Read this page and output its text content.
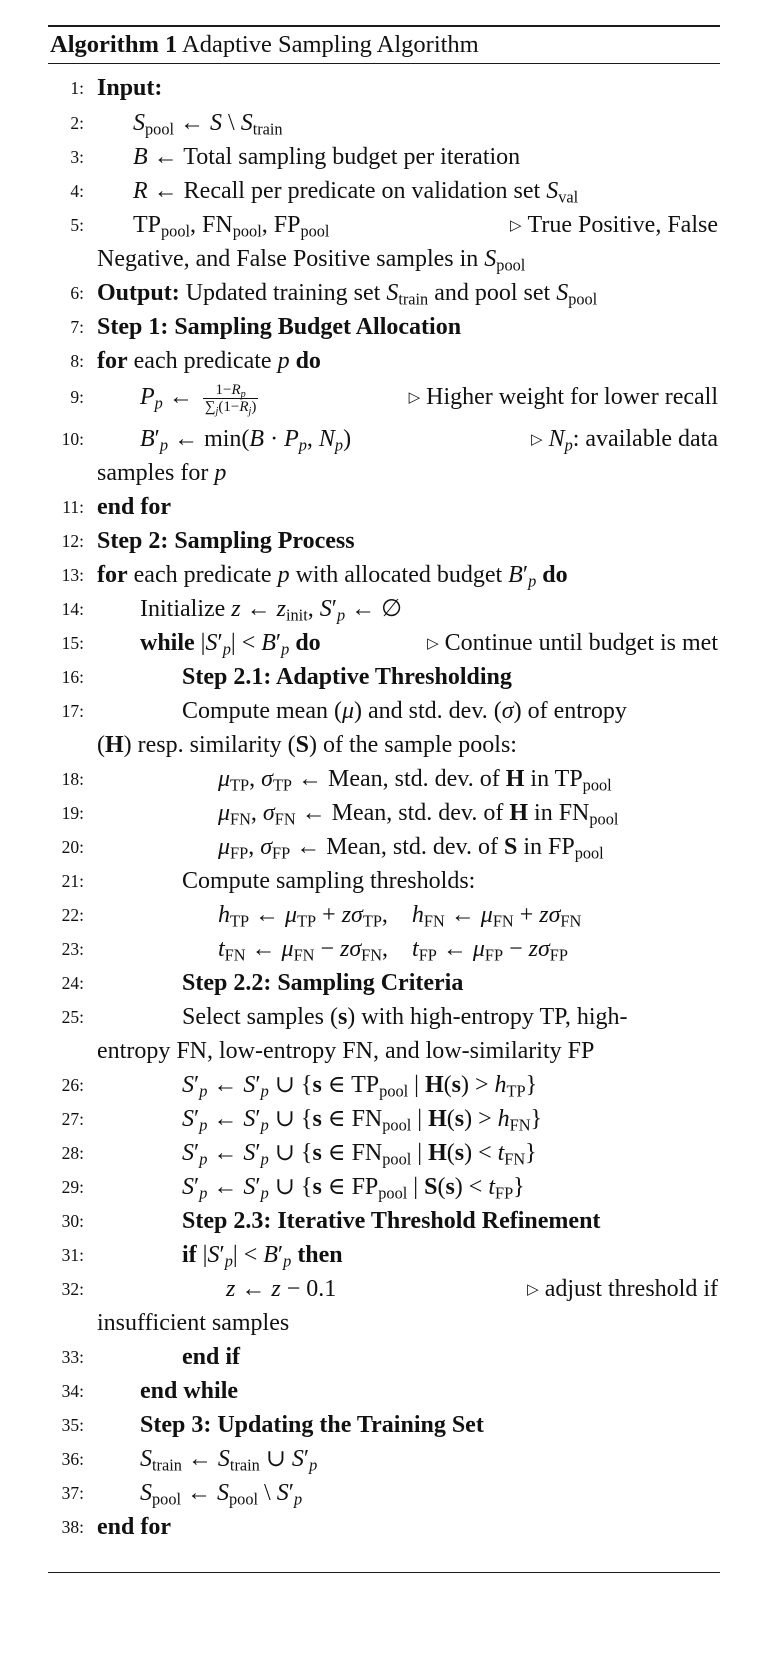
Algorithm 1 Adaptive Sampling Algorithm
1: Input:
2: $S_{pool}$ ← S \ $S_{train}$
3: B ← Total sampling budget per iteration
4: R ← Recall per predicate on validation set $S_{val}$
5: $TP_{pool}$, $FN_{pool}$, $FP_{pool}$	▷ True Positive, False
Negative, and False Positive samples in $S_{pool}$
6: Output: Updated training set $S_{train}$ and pool set $S_{pool}$
7: Step 1: Sampling Budget Allocation
8: for each predicate p do
9: $P_p$ ← $\frac{1-R_p}{\sum_j(1-R_j)}$	▷ Higher weight for lower recall
10: $B'_p$ ← $\min(B \cdot P_p$, $N_p$)	▷ $N_p$: available data
samples for p
11: end for
12: Step 2: Sampling Process
13: for each predicate p with allocated budget $B'_p$ do
14: Initialize z ← $z_{init}$, $S'_p$ ← ∅
15: while $|S'_p| < B'_p$ do	▷ Continue until budget is met
16:	Step 2.1: Adaptive Thresholding
17:	Compute mean (μ) and std. dev. (σ) of entropy
(H) resp. similarity (S) of the sample pools:
18:	$\mu_{TP}$, $\sigma_{TP}$ ← Mean, std. dev. of H in $TP_{pool}$
19:	$\mu_{FN}$, $\sigma_{FN}$ ← Mean, std. dev. of H in $FN_{pool}$
20:	$\mu_{FP}$, $\sigma_{FP}$ ← Mean, std. dev. of S in $FP_{pool}$
21:	Compute sampling thresholds:
22:	$h_{TP}$ ← $\mu_{TP} + z\sigma_{TP}$,    $h_{FN}$ ← $\mu_{FN} + z\sigma_{FN}$
23:	$t_{FN}$ ← $\mu_{FN} - z\sigma_{FN}$,    $t_{FP}$ ← $\mu_{FP} - z\sigma_{FP}$
24:	Step 2.2: Sampling Criteria
25:	Select samples (s) with high-entropy TP, high-
entropy FN, low-entropy FN, and low-similarity FP
26:	$S'_p$ ← $S'_p$ ∪ {s ∈ $TP_{pool}$ | $H(s) > h_{TP}$}
27:	$S'_p$ ← $S'_p$ ∪ {s ∈ $FN_{pool}$ | $H(s) > h_{FN}$}
28:	$S'_p$ ← $S'_p$ ∪ {s ∈ $FN_{pool}$ | $H(s) < t_{FN}$}
29:	$S'_p$ ← $S'_p$ ∪ {s ∈ $FP_{pool}$ | $S(s) < t_{FP}$}
30:	Step 2.3: Iterative Threshold Refinement
31:	if $|S'_p| < B'_p$ then
32:	z ← z − 0.1	▷ adjust threshold if
insufficient samples
33:	end if
34: end while
35: Step 3: Updating the Training Set
36: $S_{train}$ ← $S_{train}$ ∪ $S'_p$
37: $S_{pool}$ ← $S_{pool}$ \ $S'_p$
38: end for
